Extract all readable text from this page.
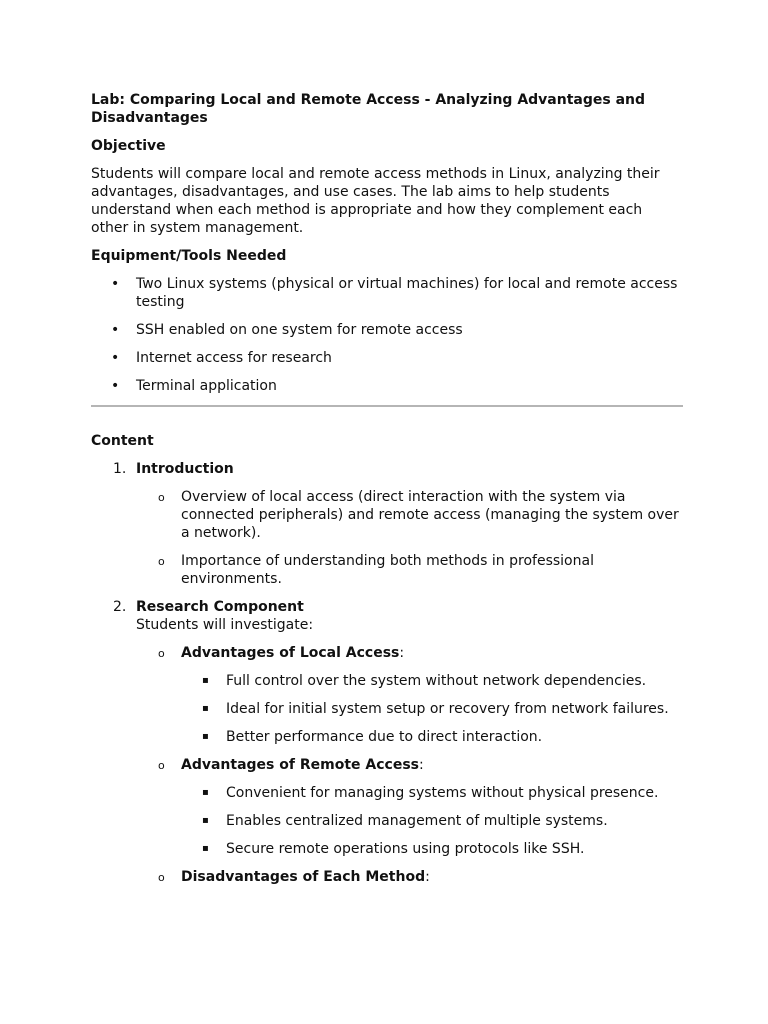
Lab: Comparing Local and Remote Access - Analyzing Advantages and Disadvantages
Objective

Students will compare local and remote access methods in Linux, analyzing their advantages, disadvantages, and use cases. The lab aims to help students understand when each method is appropriate and how they complement each other in system management.

Equipment/Tools Needed
• Two Linux systems (physical or virtual machines) for local and remote access testing
• SSH enabled on one system for remote access
• Internet access for research
• Terminal application
Content
1. Introduction
o Overview of local access (direct interaction with the system via connected peripherals) and remote access (managing the system over a network).
o Importance of understanding both methods in professional environments.
2. Research Component
Students will investigate:
o Advantages of Local Access:
▪ Full control over the system without network dependencies.
▪ Ideal for initial system setup or recovery from network failures.
▪ Better performance due to direct interaction.
o Advantages of Remote Access:
▪ Convenient for managing systems without physical presence.
▪ Enables centralized management of multiple systems.
▪ Secure remote operations using protocols like SSH.
o Disadvantages of Each Method:
